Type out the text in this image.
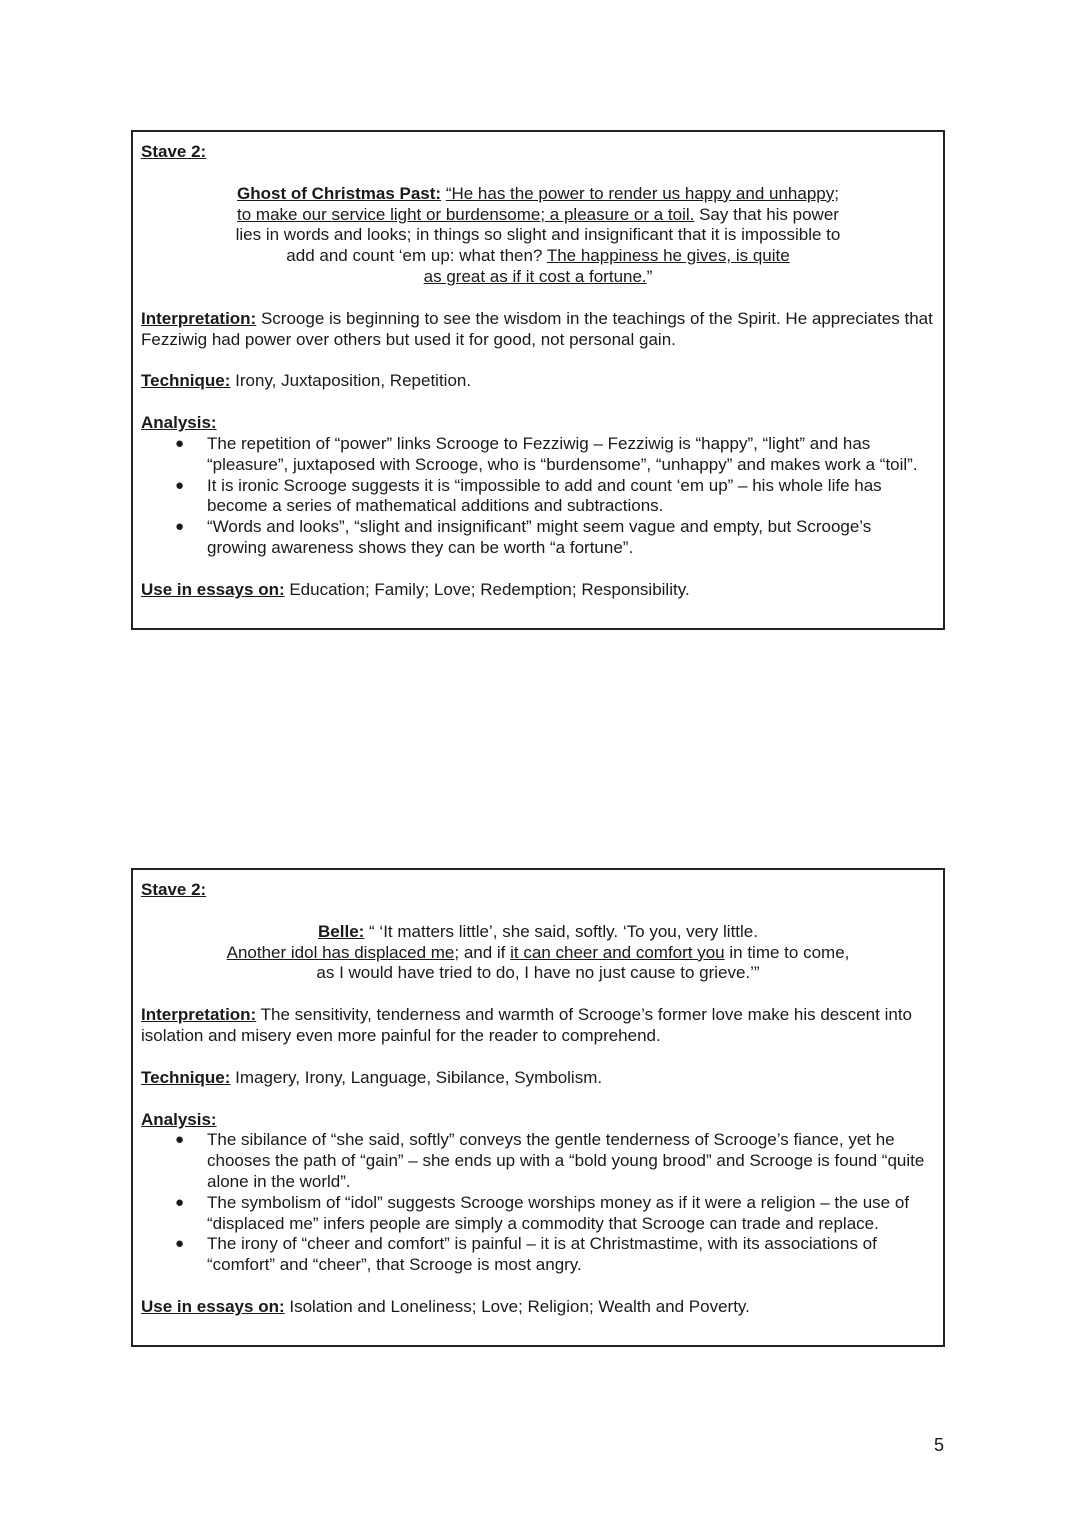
Stave 2:
Ghost of Christmas Past: “He has the power to render us happy and unhappy;
to make our service light or burdensome; a pleasure or a toil. Say that his power
lies in words and looks; in things so slight and insignificant that it is impossible to
add and count ‘em up: what then? The happiness he gives, is quite
as great as if it cost a fortune.”
Interpretation: Scrooge is beginning to see the wisdom in the teachings of the Spirit. He appreciates that Fezziwig had power over others but used it for good, not personal gain.
Technique: Irony, Juxtaposition, Repetition.
Analysis:
● The repetition of “power” links Scrooge to Fezziwig – Fezziwig is “happy”, “light” and has “pleasure”, juxtaposed with Scrooge, who is “burdensome”, “unhappy” and makes work a “toil”.
● It is ironic Scrooge suggests it is “impossible to add and count ‘em up” – his whole life has become a series of mathematical additions and subtractions.
● “Words and looks”, “slight and insignificant” might seem vague and empty, but Scrooge’s growing awareness shows they can be worth “a fortune”.
Use in essays on: Education; Family; Love; Redemption; Responsibility.
Stave 2:
Belle: “ ‘It matters little’, she said, softly. ‘To you, very little.
Another idol has displaced me; and if it can cheer and comfort you in time to come,
as I would have tried to do, I have no just cause to grieve.’”
Interpretation: The sensitivity, tenderness and warmth of Scrooge’s former love make his descent into isolation and misery even more painful for the reader to comprehend.
Technique: Imagery, Irony, Language, Sibilance, Symbolism.
Analysis:
● The sibilance of “she said, softly” conveys the gentle tenderness of Scrooge’s fiance, yet he chooses the path of “gain” – she ends up with a “bold young brood” and Scrooge is found “quite alone in the world”.
● The symbolism of “idol” suggests Scrooge worships money as if it were a religion – the use of “displaced me” infers people are simply a commodity that Scrooge can trade and replace.
● The irony of “cheer and comfort” is painful – it is at Christmastime, with its associations of “comfort” and “cheer”, that Scrooge is most angry.
Use in essays on: Isolation and Loneliness; Love; Religion; Wealth and Poverty.
5
